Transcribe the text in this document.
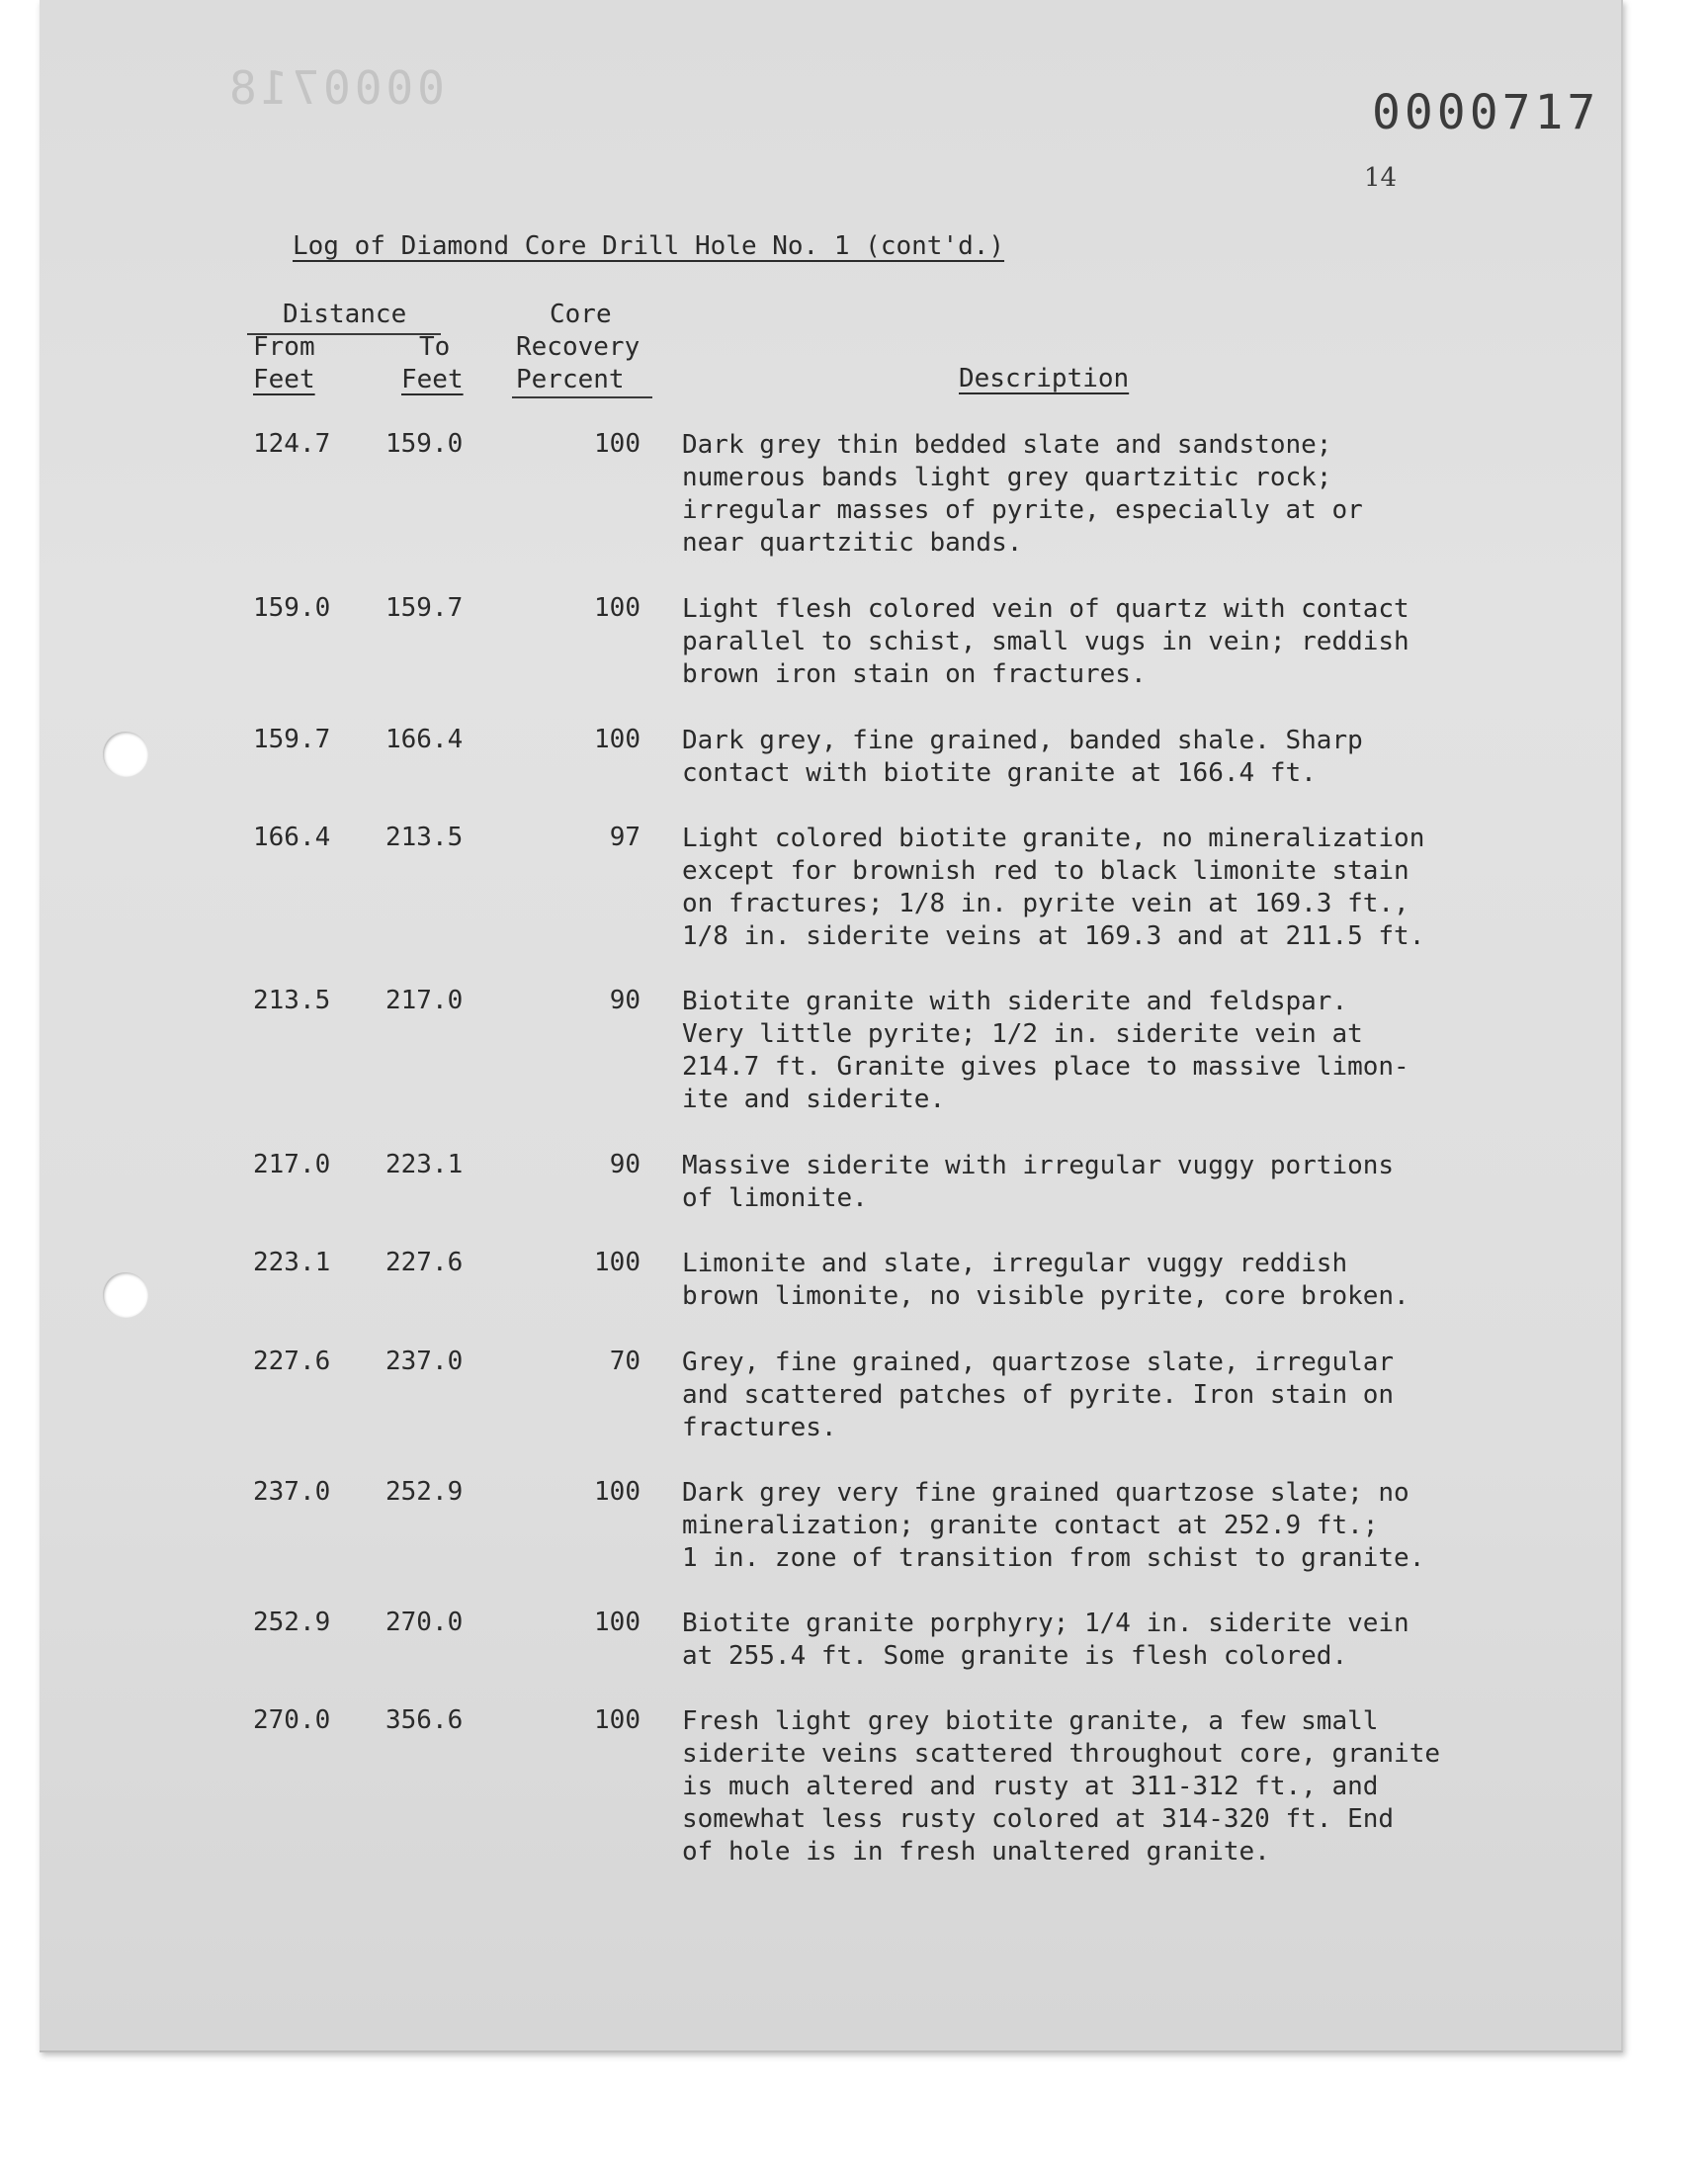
0000718	0000717
14
Log of Diamond Core Drill Hole No. 1 (cont'd.)
Distance
From
Feet
To
Feet
Core
Recovery
Percent	Description
124.7 159.0	100 Dark grey thin bedded slate and sandstone;
numerous bands light grey quartzitic rock;
irregular masses of pyrite, especially at or
near quartzitic bands.
159.0 159.7	100 Light flesh colored vein of quartz with contact
parallel to schist, small vugs in vein; reddish
brown iron stain on fractures.
159.7 166.4	100 Dark grey, fine grained, banded shale. Sharp
contact with biotite granite at 166.4 ft.
166.4 213.5	97 Light colored biotite granite, no mineralization
except for brownish red to black limonite stain
on fractures; 1/8 in. pyrite vein at 169.3 ft.,
1/8 in. siderite veins at 169.3 and at 211.5 ft.
213.5 217.0	90 Biotite granite with siderite and feldspar.
Very little pyrite; 1/2 in. siderite vein at
214.7 ft. Granite gives place to massive limon-
ite and siderite.
217.0 223.1	90 Massive siderite with irregular vuggy portions
of limonite.
223.1 227.6	100 Limonite and slate, irregular vuggy reddish
brown limonite, no visible pyrite, core broken.
227.6 237.0	70 Grey, fine grained, quartzose slate, irregular
and scattered patches of pyrite. Iron stain on
fractures.
237.0 252.9	100 Dark grey very fine grained quartzose slate; no
mineralization; granite contact at 252.9 ft.;
1 in. zone of transition from schist to granite.
252.9 270.0	100 Biotite granite porphyry; 1/4 in. siderite vein
at 255.4 ft. Some granite is flesh colored.
270.0 356.6	100 Fresh light grey biotite granite, a few small
siderite veins scattered throughout core, granite
is much altered and rusty at 311-312 ft., and
somewhat less rusty colored at 314-320 ft. End
of hole is in fresh unaltered granite.
